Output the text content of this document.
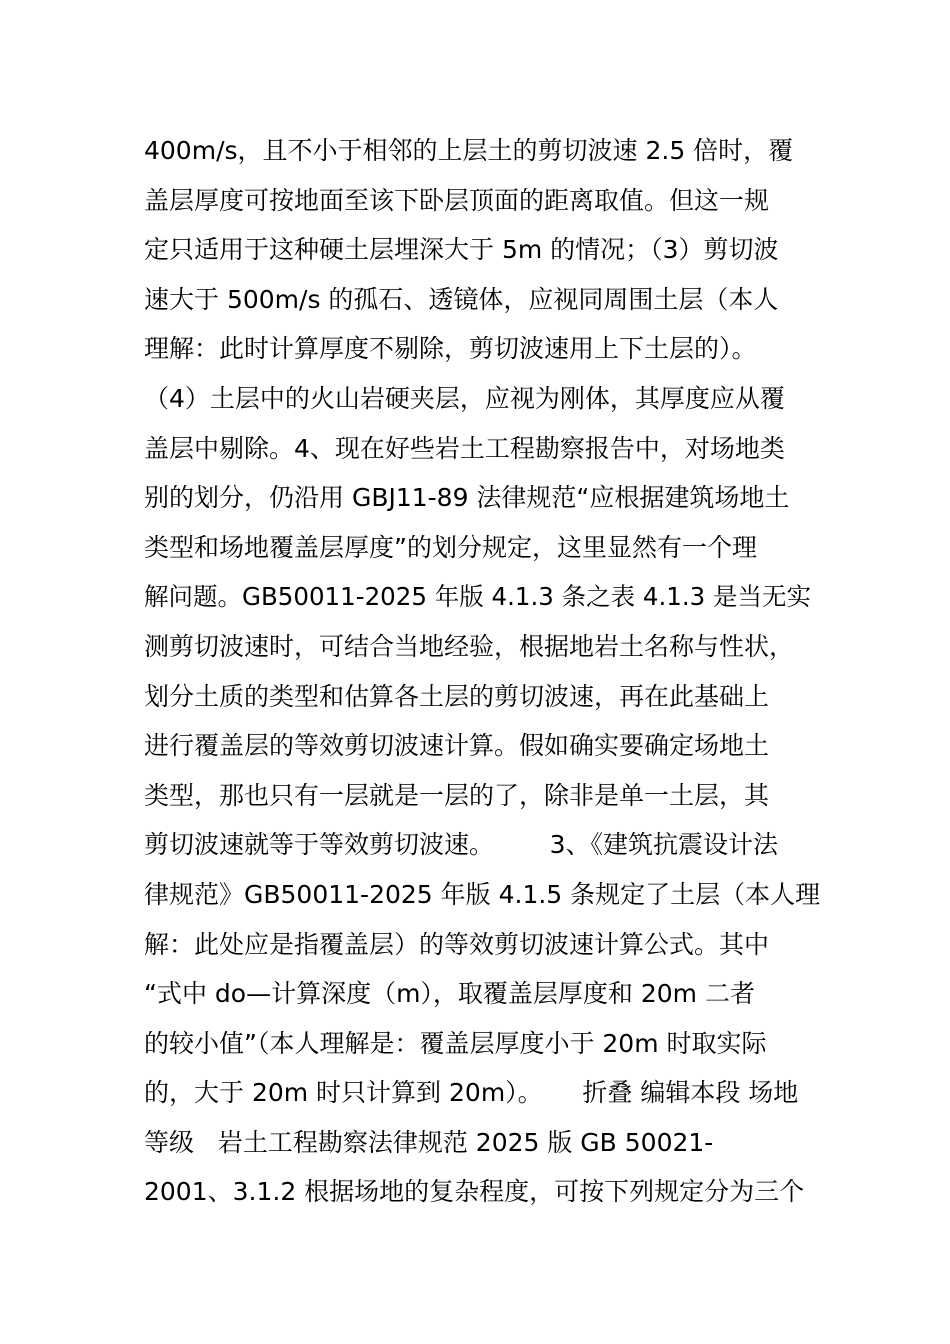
400m/s，且不小于相邻的上层土的剪切波速 2.5 倍时，覆
盖层厚度可按地面至该下卧层顶面的距离取值。但这一规
定只适用于这种硬土层埋深大于 5m 的情况；（3）剪切波
速大于 500m/s 的孤石、透镜体，应视同周围土层（本人
理解：此时计算厚度不剔除，剪切波速用上下土层的）。
（4）土层中的火山岩硬夹层，应视为刚体，其厚度应从覆
盖层中剔除。4、现在好些岩土工程勘察报告中，对场地类
别的划分，仍沿用 GBJ11-89 法律规范“应根据建筑场地土
类型和场地覆盖层厚度”的划分规定，这里显然有一个理
解问题。GB50011-2025 年版 4.1.3 条之表 4.1.3 是当无实
测剪切波速时，可结合当地经验，根据地岩土名称与性状，
划分土质的类型和估算各土层的剪切波速，再在此基础上
进行覆盖层的等效剪切波速计算。假如确实要确定场地土
类型，那也只有一层就是一层的了，除非是单一土层，其
剪切波速就等于等效剪切波速。       3、《建筑抗震设计法
律规范》GB50011-2025 年版 4.1.5 条规定了土层（本人理
解：此处应是指覆盖层）的等效剪切波速计算公式。其中
“式中 do—计算深度（m），取覆盖层厚度和 20m 二者
的较小值”（本人理解是：覆盖层厚度小于 20m 时取实际
的，大于 20m 时只计算到 20m）。     折叠 编辑本段 场地
等级   岩土工程勘察法律规范 2025 版 GB 50021-
2001、3.1.2 根据场地的复杂程度，可按下列规定分为三个
